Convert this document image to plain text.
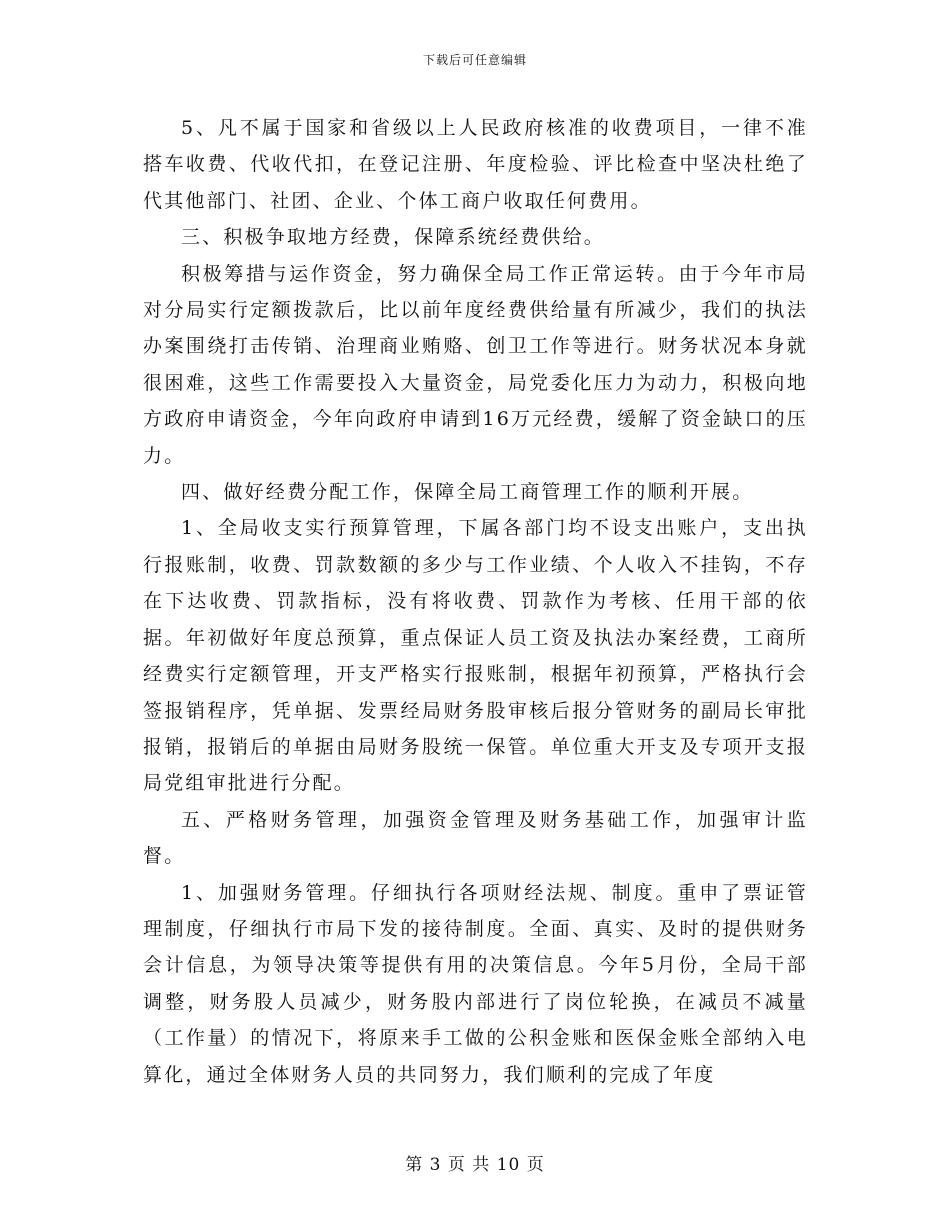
下载后可任意编辑

5、凡不属于国家和省级以上人民政府核准的收费项目，一律不准搭车收费、代收代扣，在登记注册、年度检验、评比检查中坚决杜绝了代其他部门、社团、企业、个体工商户收取任何费用。

三、积极争取地方经费，保障系统经费供给。

积极筹措与运作资金，努力确保全局工作正常运转。由于今年市局对分局实行定额拨款后，比以前年度经费供给量有所减少，我们的执法办案围绕打击传销、治理商业贿赂、创卫工作等进行。财务状况本身就很困难，这些工作需要投入大量资金，局党委化压力为动力，积极向地方政府申请资金，今年向政府申请到16万元经费，缓解了资金缺口的压力。

四、做好经费分配工作，保障全局工商管理工作的顺利开展。

1、全局收支实行预算管理，下属各部门均不设支出账户，支出执行报账制，收费、罚款数额的多少与工作业绩、个人收入不挂钩，不存在下达收费、罚款指标，没有将收费、罚款作为考核、任用干部的依据。年初做好年度总预算，重点保证人员工资及执法办案经费，工商所经费实行定额管理，开支严格实行报账制，根据年初预算，严格执行会签报销程序，凭单据、发票经局财务股审核后报分管财务的副局长审批报销，报销后的单据由局财务股统一保管。单位重大开支及专项开支报局党组审批进行分配。

五、严格财务管理，加强资金管理及财务基础工作，加强审计监督。

1、加强财务管理。仔细执行各项财经法规、制度。重申了票证管理制度，仔细执行市局下发的接待制度。全面、真实、及时的提供财务会计信息，为领导决策等提供有用的决策信息。今年5月份，全局干部调整，财务股人员减少，财务股内部进行了岗位轮换，在减员不减量（工作量）的情况下，将原来手工做的公积金账和医保金账全部纳入电算化，通过全体财务人员的共同努力，我们顺利的完成了年度

第 3 页 共 10 页
